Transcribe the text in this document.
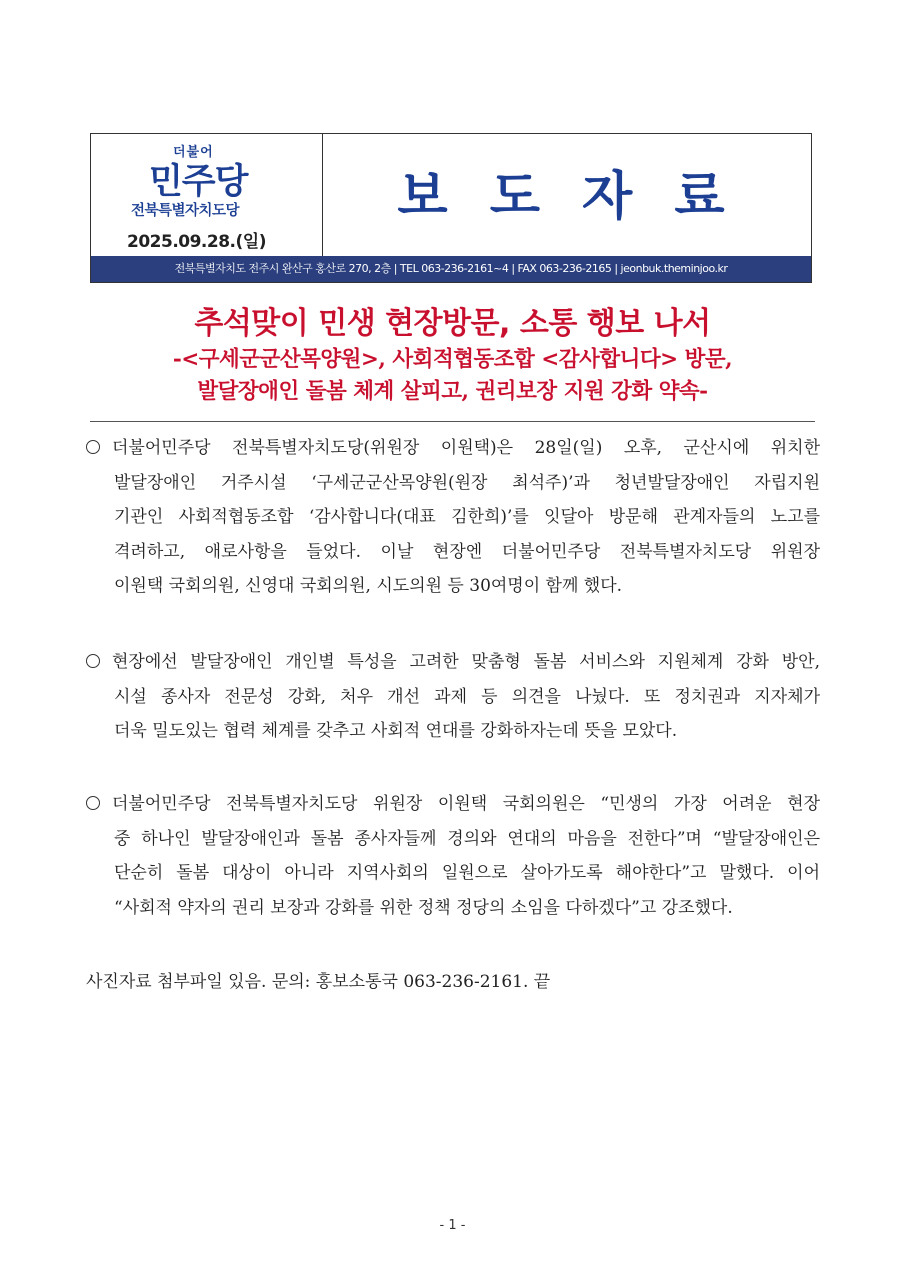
더불어
민주당
전북특별자치도당
2025.09.28.(일)
보 도 자 료
전북특별자치도 전주시 완산구 홍산로 270, 2층 | TEL 063-236-2161~4 | FAX 063-236-2165 | jeonbuk.theminjoo.kr
추석맞이 민생 현장방문, 소통 행보 나서
-<구세군군산목양원>, 사회적협동조합 <감사합니다> 방문,
발달장애인 돌봄 체계 살피고, 권리보장 지원 강화 약속-
더불어민주당 전북특별자치도당(위원장 이원택)은 28일(일) 오후, 군산시에 위치한
발달장애인 거주시설 ‘구세군군산목양원(원장 최석주)’과 청년발달장애인 자립지원
기관인 사회적협동조합 ‘감사합니다(대표 김한희)’를 잇달아 방문해 관계자들의 노고를
격려하고, 애로사항을 들었다. 이날 현장엔 더불어민주당 전북특별자치도당 위원장
이원택 국회의원, 신영대 국회의원, 시도의원 등 30여명이 함께 했다.
현장에선 발달장애인 개인별 특성을 고려한 맞춤형 돌봄 서비스와 지원체계 강화 방안,
시설 종사자 전문성 강화, 처우 개선 과제 등 의견을 나눴다. 또 정치권과 지자체가
더욱 밀도있는 협력 체계를 갖추고 사회적 연대를 강화하자는데 뜻을 모았다.
더불어민주당 전북특별자치도당 위원장 이원택 국회의원은 “민생의 가장 어려운 현장
중 하나인 발달장애인과 돌봄 종사자들께 경의와 연대의 마음을 전한다”며 “발달장애인은
단순히 돌봄 대상이 아니라 지역사회의 일원으로 살아가도록 해야한다”고 말했다. 이어
“사회적 약자의 권리 보장과 강화를 위한 정책 정당의 소임을 다하겠다”고 강조했다.
사진자료 첨부파일 있음. 문의: 홍보소통국 063-236-2161. 끝
- 1 -
